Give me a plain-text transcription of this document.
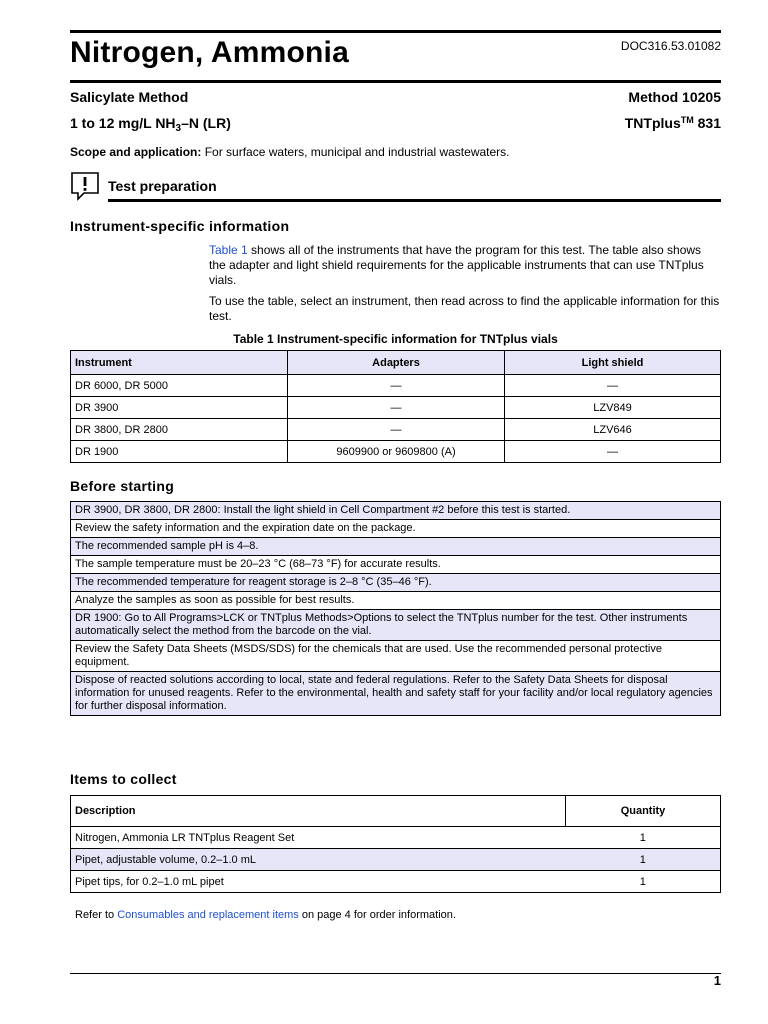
Nitrogen, Ammonia	DOC316.53.01082
Salicylate Method	Method 10205
1 to 12 mg/L $NH_3-N$ (LR)	TNTplus™ 831
Scope and application: For surface waters, municipal and industrial wastewaters.
Test preparation
Instrument-specific information
Table 1 shows all of the instruments that have the program for this test. The table also shows the adapter and light shield requirements for the applicable instruments that can use TNTplus vials.
To use the table, select an instrument, then read across to find the applicable information for this test.
Table 1 Instrument-specific information for TNTplus vials
Instrument	Adapters	Light shield
DR 6000, DR 5000	—	—
DR 3900	—	LZV849
DR 3800, DR 2800	—	LZV646
DR 1900	9609900 or 9609800 (A)	—
Before starting
DR 3900, DR 3800, DR 2800: Install the light shield in Cell Compartment #2 before this test is started.
Review the safety information and the expiration date on the package.
The recommended sample pH is 4–8.
The sample temperature must be 20–23 °C (68–73 °F) for accurate results.
The recommended temperature for reagent storage is 2–8 °C (35–46 °F).
Analyze the samples as soon as possible for best results.
DR 1900: Go to All Programs>LCK or TNTplus Methods>Options to select the TNTplus number for the test. Other instruments automatically select the method from the barcode on the vial.
Review the Safety Data Sheets (MSDS/SDS) for the chemicals that are used. Use the recommended personal protective equipment.
Dispose of reacted solutions according to local, state and federal regulations. Refer to the Safety Data Sheets for disposal information for unused reagents. Refer to the environmental, health and safety staff for your facility and/or local regulatory agencies for further disposal information.
Items to collect
Description	Quantity
Nitrogen, Ammonia LR TNTplus Reagent Set	1
Pipet, adjustable volume, 0.2–1.0 mL	1
Pipet tips, for 0.2–1.0 mL pipet	1
Refer to Consumables and replacement items on page 4 for order information.
1
